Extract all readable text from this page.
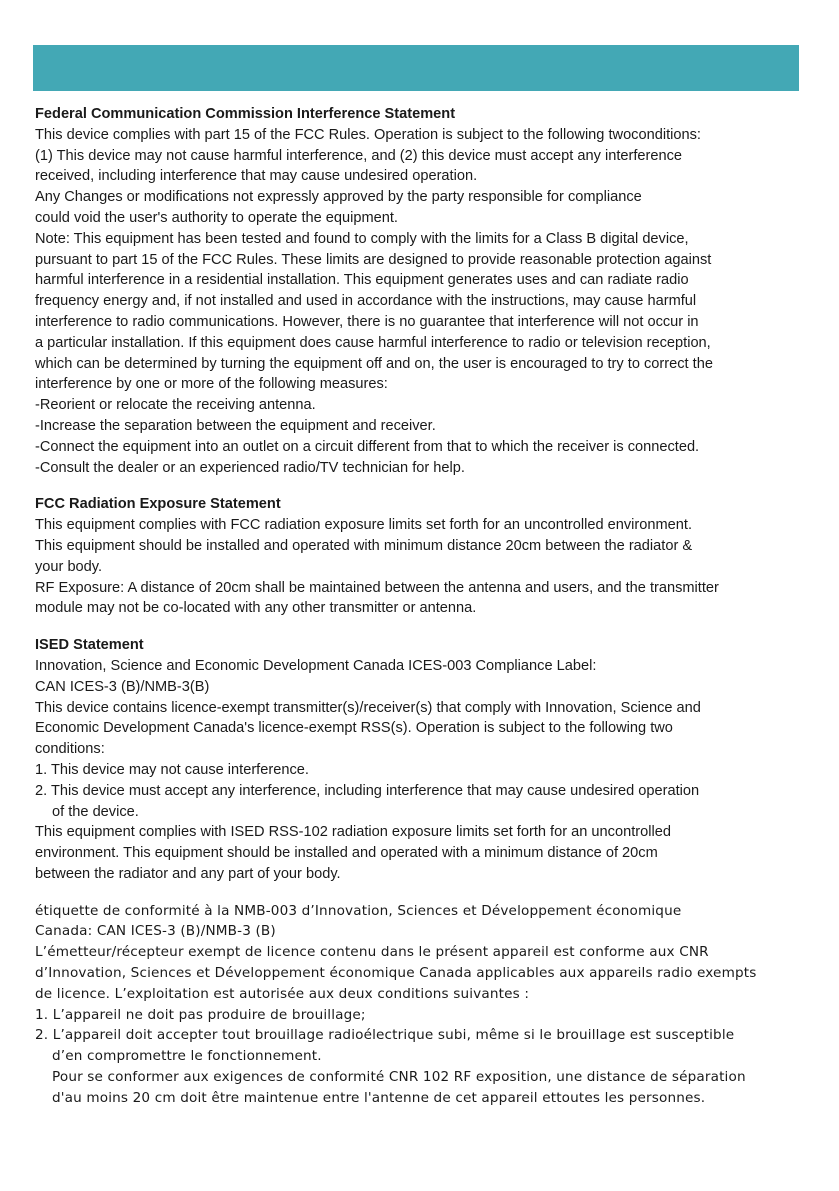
Federal Communication Commission Interference Statement
This device complies with part 15 of the FCC Rules. Operation is subject to the following twoconditions:
(1) This device may not cause harmful interference, and (2) this device must accept any interference
received, including interference that may cause undesired operation.
Any Changes or modifications not expressly approved by the party responsible for compliance
could void the user's authority to operate the equipment.
Note: This equipment has been tested and found to comply with the limits for a Class B digital device,
pursuant to part 15 of the FCC Rules. These limits are designed to provide reasonable protection against
harmful interference in a residential installation. This equipment generates uses and can radiate radio
frequency energy and, if not installed and used in accordance with the instructions, may cause harmful
interference to radio communications. However, there is no guarantee that interference will not occur in
a particular installation. If this equipment does cause harmful interference to radio or television reception,
which can be determined by turning the equipment off and on, the user is encouraged to try to correct the
interference by one or more of the following measures:
-Reorient or relocate the receiving antenna.
-Increase the separation between the equipment and receiver.
-Connect the equipment into an outlet on a circuit different from that to which the receiver is connected.
-Consult the dealer or an experienced radio/TV technician for help.
FCC Radiation Exposure Statement
This equipment complies with FCC radiation exposure limits set forth for an uncontrolled environment.
This equipment should be installed and operated with minimum distance 20cm between the radiator &
your body.
RF Exposure: A distance of 20cm shall be maintained between the antenna and users, and the transmitter
module may not be co-located with any other transmitter or antenna.
ISED Statement
Innovation, Science and Economic Development Canada ICES-003 Compliance Label:
CAN ICES-3 (B)/NMB-3(B)
This device contains licence-exempt transmitter(s)/receiver(s) that comply with Innovation, Science and
Economic Development Canada's licence-exempt RSS(s). Operation is subject to the following two
conditions:
1. This device may not cause interference.
2. This device must accept any interference, including interference that may cause undesired operation
of the device.
This equipment complies with ISED RSS-102 radiation exposure limits set forth for an uncontrolled
environment. This equipment should be installed and operated with a minimum distance of 20cm
between the radiator and any part of your body.
étiquette de conformité à la NMB-003 d’Innovation, Sciences et Développement économique
Canada: CAN ICES-3 (B)/NMB-3 (B)
L’émetteur/récepteur exempt de licence contenu dans le présent appareil est conforme aux CNR
d’Innovation, Sciences et Développement économique Canada applicables aux appareils radio exempts
de licence. L’exploitation est autorisée aux deux conditions suivantes :
1. L’appareil ne doit pas produire de brouillage;
2. L’appareil doit accepter tout brouillage radioélectrique subi, même si le brouillage est susceptible
d’en compromettre le fonctionnement.
Pour se conformer aux exigences de conformité CNR 102 RF exposition, une distance de séparation
d'au moins 20 cm doit être maintenue entre l'antenne de cet appareil ettoutes les personnes.
